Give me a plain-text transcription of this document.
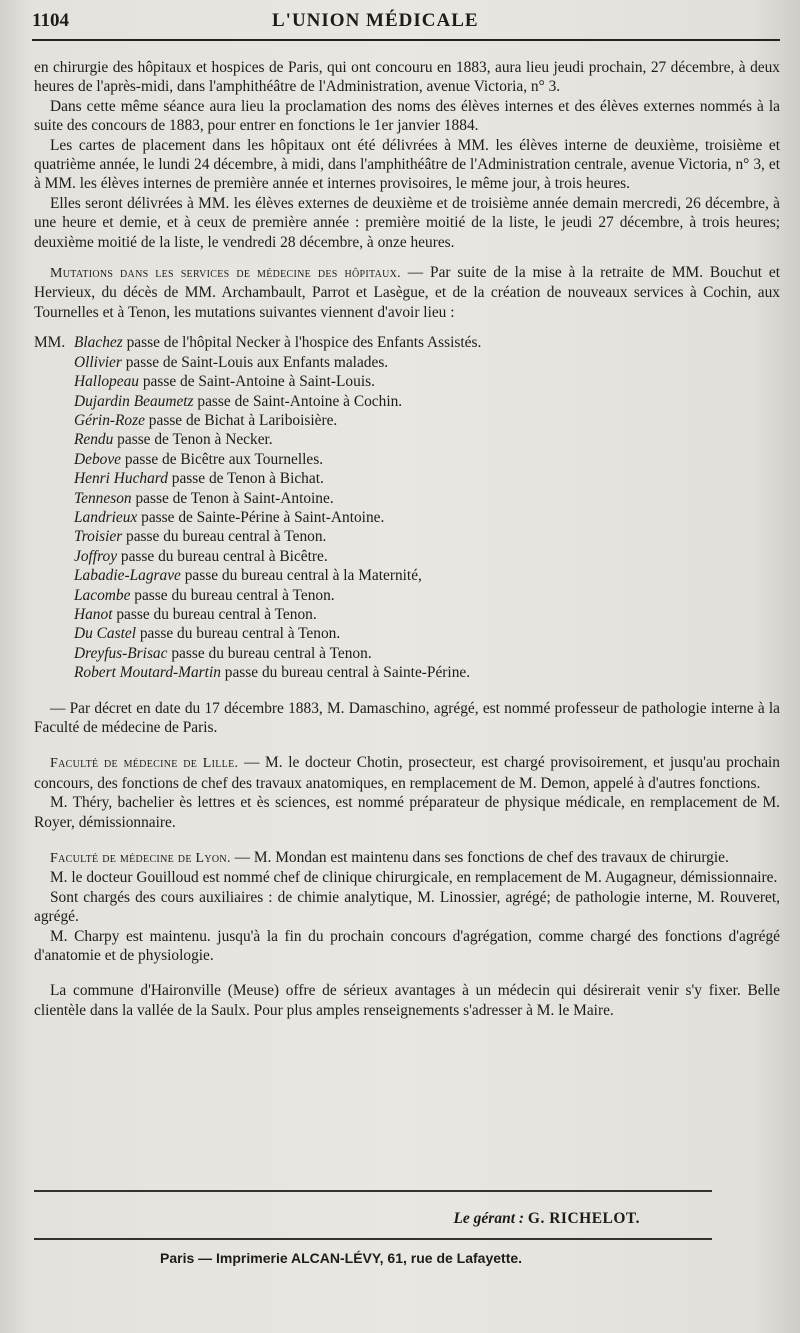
1104	L'UNION MÉDICALE

en chirurgie des hôpitaux et hospices de Paris, qui ont concouru en 1883, aura lieu jeudi prochain, 27 décembre, à deux heures de l'après-midi, dans l'amphithéâtre de l'Administration, avenue Victoria, n° 3.

Dans cette même séance aura lieu la proclamation des noms des élèves internes et des élèves externes nommés à la suite des concours de 1883, pour entrer en fonctions le 1er janvier 1884.

Les cartes de placement dans les hôpitaux ont été délivrées à MM. les élèves interne de deuxième, troisième et quatrième année, le lundi 24 décembre, à midi, dans l'amphithéâtre de l'Administration centrale, avenue Victoria, n° 3, et à MM. les élèves internes de première année et internes provisoires, le même jour, à trois heures.

Elles seront délivrées à MM. les élèves externes de deuxième et de troisième année demain mercredi, 26 décembre, à une heure et demie, et à ceux de première année : première moitié de la liste, le jeudi 27 décembre, à trois heures; deuxième moitié de la liste, le vendredi 28 décembre, à onze heures.

Mutations dans les services de médecine des hôpitaux. — Par suite de la mise à la retraite de MM. Bouchut et Hervieux, du décès de MM. Archambault, Parrot et Lasègue, et de la création de nouveaux services à Cochin, aux Tournelles et à Tenon, les mutations suivantes viennent d'avoir lieu :

MM. Blachez passe de l'hôpital Necker à l'hospice des Enfants Assistés.
Ollivier passe de Saint-Louis aux Enfants malades.
Hallopeau passe de Saint-Antoine à Saint-Louis.
Dujardin Beaumetz passe de Saint-Antoine à Cochin.
Gérin-Roze passe de Bichat à Lariboisière.
Rendu passe de Tenon à Necker.
Debove passe de Bicêtre aux Tournelles.
Henri Huchard passe de Tenon à Bichat.
Tenneson passe de Tenon à Saint-Antoine.
Landrieux passe de Sainte-Périne à Saint-Antoine.
Troisier passe du bureau central à Tenon.
Joffroy passe du bureau central à Bicêtre.
Labadie-Lagrave passe du bureau central à la Maternité,
Lacombe passe du bureau central à Tenon.
Hanot passe du bureau central à Tenon.
Du Castel passe du bureau central à Tenon.
Dreyfus-Brisac passe du bureau central à Tenon.
Robert Moutard-Martin passe du bureau central à Sainte-Périne.

— Par décret en date du 17 décembre 1883, M. Damaschino, agrégé, est nommé professeur de pathologie interne à la Faculté de médecine de Paris.

Faculté de médecine de Lille. — M. le docteur Chotin, prosecteur, est chargé provisoirement, et jusqu'au prochain concours, des fonctions de chef des travaux anatomiques, en remplacement de M. Demon, appelé à d'autres fonctions.

M. Théry, bachelier ès lettres et ès sciences, est nommé préparateur de physique médicale, en remplacement de M. Royer, démissionnaire.

Faculté de médecine de Lyon. — M. Mondan est maintenu dans ses fonctions de chef des travaux de chirurgie.

M. le docteur Gouilloud est nommé chef de clinique chirurgicale, en remplacement de M. Augagneur, démissionnaire.

Sont chargés des cours auxiliaires : de chimie analytique, M. Linossier, agrégé; de pathologie interne, M. Rouveret, agrégé.

M. Charpy est maintenu. jusqu'à la fin du prochain concours d'agrégation, comme chargé des fonctions d'agrégé d'anatomie et de physiologie.

La commune d'Haironville (Meuse) offre de sérieux avantages à un médecin qui désirerait venir s'y fixer. Belle clientèle dans la vallée de la Saulx. Pour plus amples renseignements s'adresser à M. le Maire.

Le gérant : G. RICHELOT.
Paris — Imprimerie ALCAN-LÉVY, 61, rue de Lafayette.
